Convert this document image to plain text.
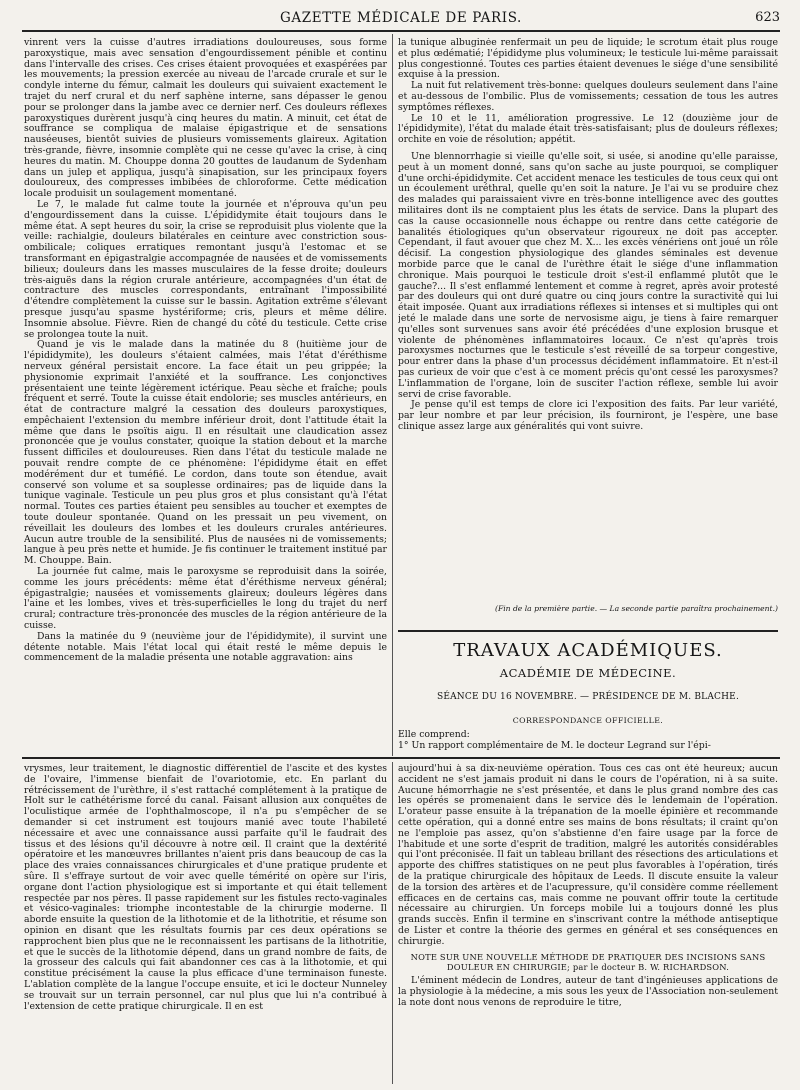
GAZETTE MÉDICALE DE PARIS.	623

vinrent vers la cuisse d'autres irradiations douloureuses, sous forme paroxystique, mais avec sensation d'engourdissement pénible et continu dans l'intervalle des crises. Ces crises étaient provoquées et exaspérées par les mouvements; la pression exercée au niveau de l'arcade crurale et sur le condyle interne du fémur, calmait les douleurs qui suivaient exactement le trajet du nerf crural et du nerf saphène interne, sans dépasser le genou pour se prolonger dans la jambe avec ce dernier nerf. Ces douleurs réflexes paroxystiques durèrent jusqu'à cinq heures du matin. A minuit, cet état de souffrance se compliqua de malaise épigastrique et de sensations nauséeuses, bientôt suivies de plusieurs vomissements glaireux. Agitation très-grande, fièvre, insomnie complète qui ne cesse qu'avec la crise, à cinq heures du matin. M. Chouppe donna 20 gouttes de laudanum de Sydenham dans un julep et appliqua, jusqu'à sinapisation, sur les principaux foyers douloureux, des compresses imbibées de chloroforme. Cette médication locale produisit un soulagement momentané.

Le 7, le malade fut calme toute la journée et n'éprouva qu'un peu d'engourdissement dans la cuisse. L'épididymite était toujours dans le même état. A sept heures du soir, la crise se reproduisit plus violente que la veille: rachialgie, douleurs bilatérales en ceinture avec constriction sous-ombilicale; coliques erratiques remontant jusqu'à l'estomac et se transformant en épigastralgie accompagnée de nausées et de vomissements bilieux; douleurs dans les masses musculaires de la fesse droite; douleurs très-aiguës dans la région crurale antérieure, accompagnées d'un état de contracture des muscles correspondants, entraînant l'impossibilité d'étendre complètement la cuisse sur le bassin. Agitation extrême s'élevant presque jusqu'au spasme hystériforme; cris, pleurs et même délire. Insomnie absolue. Fièvre. Rien de changé du côté du testicule. Cette crise se prolongea toute la nuit.

Quand je vis le malade dans la matinée du 8 (huitième jour de l'épididymite), les douleurs s'étaient calmées, mais l'état d'éréthisme nerveux général persistait encore. La face était un peu grippée; la physionomie exprimait l'anxiété et la souffrance. Les conjonctives présentaient une teinte légèrement ictérique. Peau sèche et fraîche; pouls fréquent et serré. Toute la cuisse était endolorie; ses muscles antérieurs, en état de contracture malgré la cessation des douleurs paroxystiques, empêchaient l'extension du membre inférieur droit, dont l'attitude était la même que dans le psoïtis aigu. Il en résultait une claudication assez prononcée que je voulus constater, quoique la station debout et la marche fussent difficiles et douloureuses. Rien dans l'état du testicule malade ne pouvait rendre compte de ce phénomène: l'épididyme était en effet modérément dur et tuméfié. Le cordon, dans toute son étendue, avait conservé son volume et sa souplesse ordinaires; pas de liquide dans la tunique vaginale. Testicule un peu plus gros et plus consistant qu'à l'état normal. Toutes ces parties étaient peu sensibles au toucher et exemptes de toute douleur spontanée. Quand on les pressait un peu vivement, on réveillait les douleurs des lombes et les douleurs crurales antérieures. Aucun autre trouble de la sensibilité. Plus de nausées ni de vomissements; langue à peu près nette et humide. Je fis continuer le traitement institué par M. Chouppe. Bain.

La journée fut calme, mais le paroxysme se reproduisit dans la soirée, comme les jours précédents: même état d'éréthisme nerveux général; épigastralgie; nausées et vomissements glaireux; douleurs légères dans l'aine et les lombes, vives et très-superficielles le long du trajet du nerf crural; contracture très-prononcée des muscles de la région antérieure de la cuisse.

Dans la matinée du 9 (neuvième jour de l'épididymite), il survint une détente notable. Mais l'état local qui était resté le même depuis le commencement de la maladie présenta une notable aggravation: ains

la tunique albuginée renfermait un peu de liquide; le scrotum était plus rouge et plus œdématié; l'épididyme plus volumineux; le testicule lui-même paraissait plus congestionné. Toutes ces parties étaient devenues le siége d'une sensibilité exquise à la pression.

La nuit fut relativement très-bonne: quelques douleurs seulement dans l'aine et au-dessous de l'ombilic. Plus de vomissements; cessation de tous les autres symptômes réflexes.

Le 10 et le 11, amélioration progressive. Le 12 (douzième jour de l'épididymite), l'état du malade était très-satisfaisant; plus de douleurs réflexes; orchite en voie de résolution; appétit.

Une blennorrhagie si vieille qu'elle soit, si usée, si anodine qu'elle paraisse, peut à un moment donné, sans qu'on sache au juste pourquoi, se compliquer d'une orchi-épididymite. Cet accident menace les testicules de tous ceux qui ont un écoulement uréthral, quelle qu'en soit la nature. Je l'ai vu se produire chez des malades qui paraissaient vivre en très-bonne intelligence avec des gouttes militaires dont ils ne comptaient plus les états de service. Dans la plupart des cas la cause occasionnelle nous échappe ou rentre dans cette catégorie de banalités étiologiques qu'un observateur rigoureux ne doit pas accepter. Cependant, il faut avouer que chez M. X... les excès vénériens ont joué un rôle décisif. La congestion physiologique des glandes séminales est devenue morbide parce que le canal de l'urèthre était le siége d'une inflammation chronique. Mais pourquoi le testicule droit s'est-il enflammé plutôt que le gauche?... Il s'est enflammé lentement et comme à regret, après avoir protesté par des douleurs qui ont duré quatre ou cinq jours contre la suractivité qui lui était imposée. Quant aux irradiations réflexes si intenses et si multiples qui ont jeté le malade dans une sorte de nervosisme aigu, je tiens à faire remarquer qu'elles sont survenues sans avoir été précédées d'une explosion brusque et violente de phénomènes inflammatoires locaux. Ce n'est qu'après trois paroxysmes nocturnes que le testicule s'est réveillé de sa torpeur congestive, pour entrer dans la phase d'un processus décidément inflammatoire. Et n'est-il pas curieux de voir que c'est à ce moment précis qu'ont cessé les paroxysmes? L'inflammation de l'organe, loin de susciter l'action réflexe, semble lui avoir servi de crise favorable.

Je pense qu'il est temps de clore ici l'exposition des faits. Par leur variété, par leur nombre et par leur précision, ils fourniront, je l'espère, une base clinique assez large aux généralités qui vont suivre.

(Fin de la première partie. — La seconde partie paraîtra prochainement.)
TRAVAUX ACADÉMIQUES.
ACADÉMIE DE MÉDECINE.
SÉANCE DU 16 NOVEMBRE. — PRÉSIDENCE DE M. BLACHE.
CORRESPONDANCE OFFICIELLE.

Elle comprend:

1° Un rapport complémentaire de M. le docteur Legrand sur l'épi-

vrysmes, leur traitement, le diagnostic différentiel de l'ascite et des kystes de l'ovaire, l'immense bienfait de l'ovariotomie, etc. En parlant du rétrécissement de l'urèthre, il s'est rattaché complétement à la pratique de Holt sur le cathétérisme forcé du canal. Faisant allusion aux conquêtes de l'oculistique armée de l'ophthalmoscope, il n'a pu s'empêcher de se demander si cet instrument est toujours manié avec toute l'habileté nécessaire et avec une connaissance aussi parfaite qu'il le faudrait des tissus et des lésions qu'il découvre à notre œil. Il craint que la dextérité opératoire et les manœuvres brillantes n'aient pris dans beaucoup de cas la place des vraies connaissances chirurgicales et d'une pratique prudente et sûre. Il s'effraye surtout de voir avec quelle témérité on opère sur l'iris, organe dont l'action physiologique est si importante et qui était tellement respectée par nos pères. Il passe rapidement sur les fistules recto-vaginales et vésico-vaginales: triomphe incontestable de la chirurgie moderne. Il aborde ensuite la question de la lithotomie et de la lithotritie, et résume son opinion en disant que les résultats fournis par ces deux opérations se rapprochent bien plus que ne le reconnaissent les partisans de la lithotritie, et que le succès de la lithotomie dépend, dans un grand nombre de faits, de la grosseur des calculs qui fait abandonner ces cas à la lithotomie, et qui constitue précisément la cause la plus efficace d'une terminaison funeste. L'ablation complète de la langue l'occupe ensuite, et ici le docteur Nunneley se trouvait sur un terrain personnel, car nul plus que lui n'a contribué à l'extension de cette pratique chirurgicale. Il en est

aujourd'hui à sa dix-neuvième opération. Tous ces cas ont été heureux; aucun accident ne s'est jamais produit ni dans le cours de l'opération, ni à sa suite. Aucune hémorrhagie ne s'est présentée, et dans le plus grand nombre des cas les opérés se promenaient dans le service dès le lendemain de l'opération. L'orateur passe ensuite à la trépanation de la moelle épinière et recommande cette opération, qui a donné entre ses mains de bons résultats; il craint qu'on ne l'emploie pas assez, qu'on s'abstienne d'en faire usage par la force de l'habitude et une sorte d'esprit de tradition, malgré les autorités considérables qui l'ont préconisée. Il fait un tableau brillant des résections des articulations et apporte des chiffres statistiques on ne peut plus favorables à l'opération, tirés de la pratique chirurgicale des hôpitaux de Leeds. Il discute ensuite la valeur de la torsion des artères et de l'acupressure, qu'il considère comme réellement efficaces en de certains cas, mais comme ne pouvant offrir toute la certitude nécessaire au chirurgien. Un forceps mobile lui a toujours donné les plus grands succès. Enfin il termine en s'inscrivant contre la méthode antiseptique de Lister et contre la théorie des germes en général et ses conséquences en chirurgie.

NOTE SUR UNE NOUVELLE MÉTHODE DE PRATIQUER DES INCISIONS SANS DOULEUR EN CHIRURGIE; par le docteur B. W. RICHARDSON.

L'éminent médecin de Londres, auteur de tant d'ingénieuses applications de la physiologie à la médecine, a mis sous les yeux de l'Association non-seulement la note dont nous venons de reproduire le titre,
